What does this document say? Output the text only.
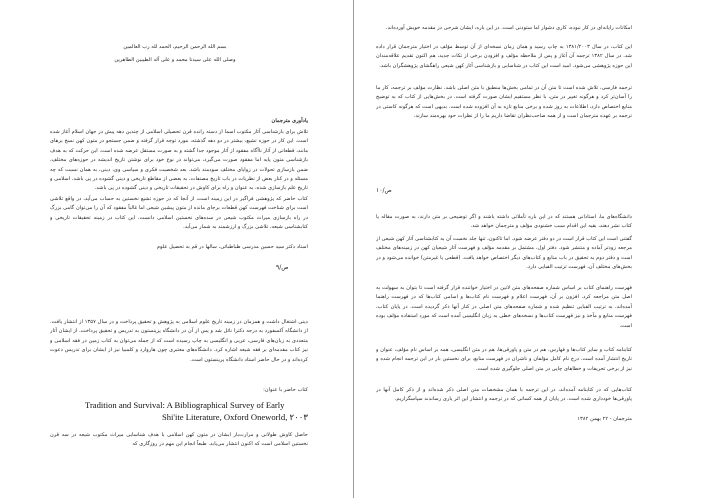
بسم الله الرحمن الرحيم، الحمد لله رب العالمين
وصلى الله على سيدنا محمد و على آله الطيبين الطاهرين
یادآوری مترجمان
تلاش برای بازشناسی آثار مکتوب اسما از دسته رانده قرن تحصیلی اسلامی از چندین دهه پیش در جهان اسلام آغاز شده است. این کار در حوزه تشیع، بیشتر در دو دهه گذشته، مورد توجه قرار گرفته و ضمن جستجو در متون کهن نسخ برهای مانند، قطعاتی از آثار ناآگاه مفقود از آثار موجود جدا گشته و به صورت مستقل عرضه شده است. این حرکت که به هدف بازشناسی متون پایه اما مفقود صورت می‌گیرد، می‌تواند در نوع خود برای نوشتن تاریخ اندیشه در حوزه‌های مختلف، ضمن بازسازی تحولات در زوایای مختلف سودمند باشد. بعد شخصیت فکری و سیاسی وی، دینی، به همان نسبت که چه مسئله و در کنار بعض از نظریات در باب تاریخ مصنفات، به بعضی از مقاطع تاریخی و دینی گشوده در پی باشد. اسلامی و تاریخ علم بازسازی شده، به عنوان و راه برای کاوش در تحقیقات تاریخی و دینی گشوده در پی باشد.
کتاب حاضر که پژوهشی فراگیر در این زمینه است، از آنجا که در حوزه تشیع نخستین به حساب می‌آید، در واقع تلاشی است برای شناخت فهرست کهن قطعات برجای مانده از متون پیشین شیعی اما غالباً مفقود که آن را می‌توان گامی بزرگ در راه بازسازی میراث مکتوب شیعی در سده‌های نخستین اسلامی دانست. این کتاب در زمینه تحقیقات تاریخی و کتابشناسی شیعه، تلاشی بزرگ و ارزشمند به شمار می‌آید.
استاد دکتر سید حسین مدرسی طباطبائی، سالها در قم به تحصیل علوم
ص/۹
دینی اشتغال داشت و همزمان در زمینه تاریخ علوم اسلامی به پژوهش و تحقیق پرداخت و در سال ۱۳۵۷ از انتشار یافت. از دانشگاه آکسفورد به درجه دکترا نائل شد و پس از آن در دانشگاه پرینستون به تدریس و تحقیق پرداخت. از ایشان آثار متعددی به زبان‌های فارسی، عربی و انگلیسی به چاپ رسیده است که از جمله می‌توان به کتاب زمین در فقه اسلامی و نیز کتاب مقدمه‌ای بر فقه شیعه اشاره کرد. دانشگاه‌های معتبری چون هاروارد و کلمبیا نیز از ایشان برای تدریس دعوت کرده‌اند و در حال حاضر استاد دانشگاه پرینستون است.
کتاب حاضر با عنوان:
Tradition and Survival: A Bibliographical Survey of Early
Shi'ite Literature, Oxford Oneworld, ۲۰۰۳
حاصل کاوش طولانی و مرارت‌بار ایشان در متون کهن اسلامی با هدف شناسایی میراث مکتوب شیعه در سه قرن نخستین اسلامی است که اکنون انتشار می‌یابد. طبعاً انجام این مهم در روزگاری که
امکانات رایانه‌ای در کار نبوده، کاری دشوار اما ستودنی است. در این باره، ایشان شرحی در مقدمه خویش آورده‌اند.
این کتاب، در سال ۱۳۸۱/۲۰۰۳ به چاپ رسید و همان زمان نسخه‌ای از آن توسط مؤلف در اختیار مترجمان قرار داده شد. در سال ۱۳۸۲ ترجمه آن آغاز و پس از ملاحظه مؤلف و افزودن برخی از نکات جدید، هم اکنون تقدیم علاقه‌مندان این حوزه پژوهشی می‌شود. امید است این کتاب در شناسایی و بازشناسی آثار کهن شیعی راهگشای پژوهشگران باشد.
ترجمه فارسی، تلاش شده است تا متن آن در تمامی بخش‌ها منطبق با متن اصلی باشد. نظارت مؤلف بر ترجمه، کار ما را آسان‌تر کرد و هرگونه تغییر در متن، با نظر مستقیم ایشان صورت گرفته است. در بخش‌هایی از کتاب که به توضیح منابع اختصاص دارد، اطلاعات به روز شده و برخی منابع تازه به آن افزوده شده است. بدیهی است که هرگونه کاستی در ترجمه بر عهده مترجمان است و از همه صاحب‌نظران تقاضا داریم ما را از نظرات خود بهره‌مند سازند.
ص/۱۰
دانشگاه‌های ما، استادانی هستند که در این باره تأملاتی داشته باشند و اگر توضیحی بر متن دارند، به صورت مقاله یا کتاب نشر دهند، بقیه این اقدام سبب خشنودی مؤلف و مترجمان خواهد شد.
گفتنی است این کتاب قرار است در دو دفتر عرضه شود. اما تاکنون، تنها جلد نخست آن به کتابشناسی آثار کهن شیعی از مرجعه زودتر آماده و منتشر شود. دفتر اول، مشتمل بر مقدمه مؤلف و فهرست آثار شیعیان کهن در زمینه‌های مختلف است و دفتر دوم به تحقیق در باب منابع و کتاب‌های دیگر اختصاص خواهد یافت. (قطعی یا غیرمتن) خوانده می‌شود و در بخش‌های مختلف آن، فهرست ترتیب الفبایی دارد.
فهرست راهنمای کتاب بر اساس شماره صفحه‌های متن لاتین در اختیار خواننده قرار گرفته است تا بتوان به سهولت به اصل متن مراجعه کرد. افزون بر آن، فهرست اعلام و فهرست نام کتاب‌ها و اسامی کتاب‌ها که در فهرست راهنما آمده‌اند، به ترتیب الفبایی تنظیم شده و شماره صفحه‌های متن اصلی در کنار آنها ذکر گردیده است. در پایان کتاب، فهرست منابع و مآخذ و نیز فهرست کتاب‌ها و نسخه‌های خطی به زبان انگلیسی آمده است که مورد استفاده مؤلف بوده است.
کتابنامه کتاب و سایر کتاب‌ها و فهارس، هم در متن و پاورقی‌ها، هم در متن انگلیسی، همه بر اساس نام مؤلف، عنوان و تاریخ انتشار آمده است. درج نام کامل مؤلفان و ناشران در فهرست منابع، برای نخستین بار در این ترجمه انجام شده و نیز از برخی تحریفات و خطاهای چاپی در متن اصلی جلوگیری شده است.
کتاب‌هایی که در کتابنامه آمده‌اند، در این ترجمه با همان مشخصات متن اصلی ذکر شده‌اند و از ذکر کامل آنها در پاورقی‌ها خودداری شده است. در پایان از همه کسانی که در ترجمه و انتشار این اثر یاری رساندند سپاسگزاریم.
مترجمان - ۲۲ بهمن ۱۳۸۲
